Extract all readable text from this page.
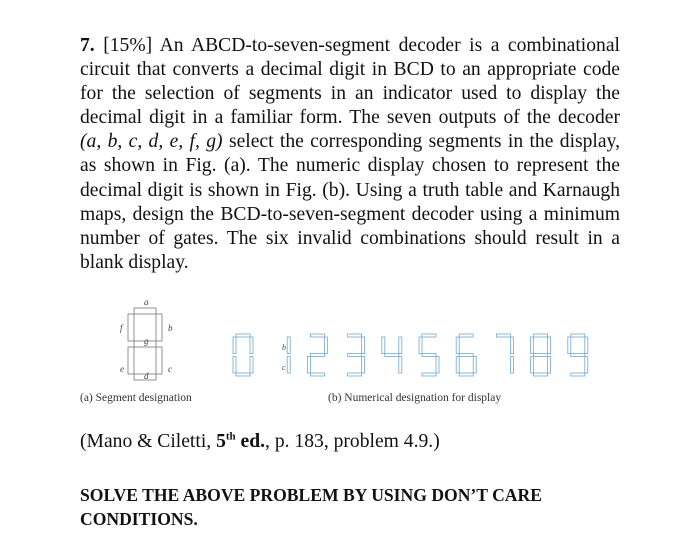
7. [15%] An ABCD-to-seven-segment decoder is a combinational circuit that converts a decimal digit in BCD to an appropriate code for the selection of segments in an indicator used to display the decimal digit in a familiar form. The seven outputs of the decoder (a, b, c, d, e, f, g) select the corresponding segments in the display, as shown in Fig. (a). The numeric display chosen to represent the decimal digit is shown in Fig. (b). Using a truth table and Karnaugh maps, design the BCD-to-seven-segment decoder using a minimum number of gates. The six invalid combinations should result in a blank display.
a
b
c
d
e
f
g
b
c
(a) Segment designation	(b) Numerical designation for display
(Mano & Ciletti, 5th ed., p. 183, problem 4.9.)
SOLVE THE ABOVE PROBLEM BY USING DON’T CARE CONDITIONS.
